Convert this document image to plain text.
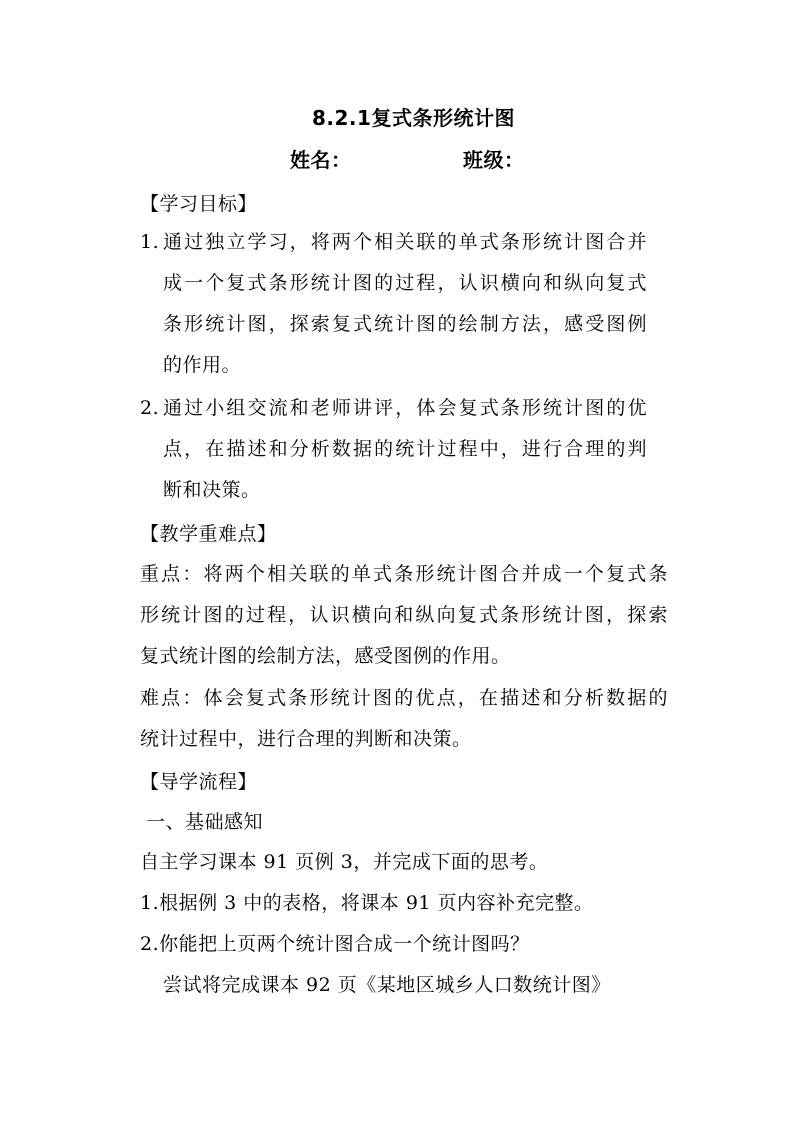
8.2.1复式条形统计图
姓名：	班级：
【学习目标】
1. 通过独立学习，将两个相关联的单式条形统计图合并
成一个复式条形统计图的过程，认识横向和纵向复式
条形统计图，探索复式统计图的绘制方法，感受图例
的作用。
2. 通过小组交流和老师讲评，体会复式条形统计图的优
点，在描述和分析数据的统计过程中，进行合理的判
断和决策。
【教学重难点】
重点：将两个相关联的单式条形统计图合并成一个复式条
形统计图的过程，认识横向和纵向复式条形统计图，探索
复式统计图的绘制方法，感受图例的作用。
难点：体会复式条形统计图的优点，在描述和分析数据的
统计过程中，进行合理的判断和决策。
【导学流程】
一、基础感知
自主学习课本 91 页例 3，并完成下面的思考。
1.根据例 3 中的表格，将课本 91 页内容补充完整。
2.你能把上页两个统计图合成一个统计图吗？
尝试将完成课本 92 页《某地区城乡人口数统计图》
